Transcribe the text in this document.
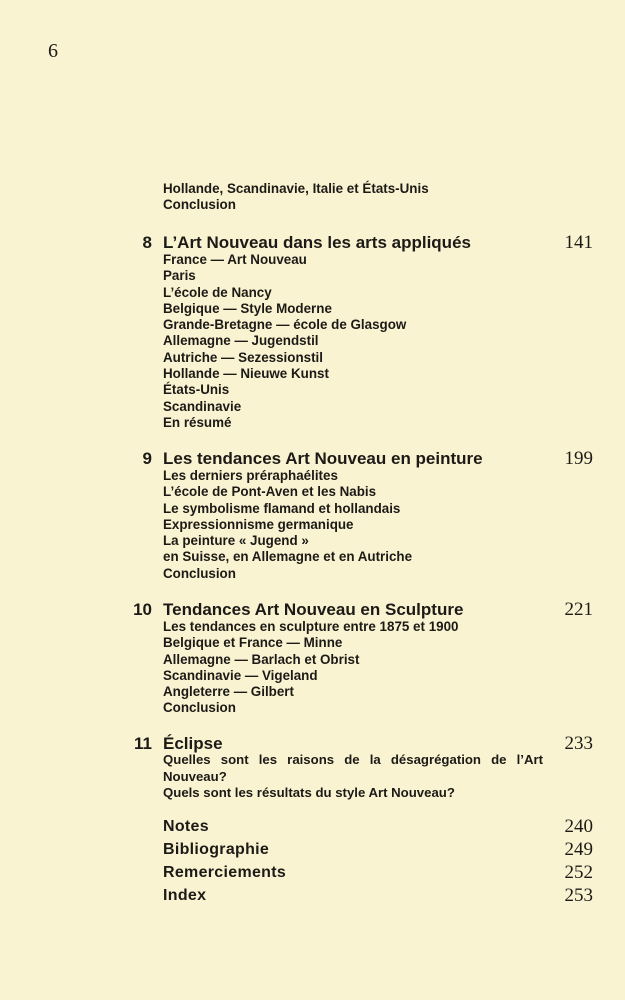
6
Hollande, Scandinavie, Italie et États-Unis
Conclusion
8 L’Art Nouveau dans les arts appliqués	141
France — Art Nouveau
Paris
L’école de Nancy
Belgique — Style Moderne
Grande-Bretagne — école de Glasgow
Allemagne — Jugendstil
Autriche — Sezessionstil
Hollande — Nieuwe Kunst
États-Unis
Scandinavie
En résumé
9 Les tendances Art Nouveau en peinture	199
Les derniers préraphaélites
L’école de Pont-Aven et les Nabis
Le symbolisme flamand et hollandais
Expressionnisme germanique
La peinture « Jugend »
en Suisse, en Allemagne et en Autriche
Conclusion
10 Tendances Art Nouveau en Sculpture	221
Les tendances en sculpture entre 1875 et 1900
Belgique et France — Minne
Allemagne — Barlach et Obrist
Scandinavie — Vigeland
Angleterre — Gilbert
Conclusion
11 Éclipse	233
Quelles sont les raisons de la désagrégation de l’Art Nouveau?
Quels sont les résultats du style Art Nouveau?
Notes	240
Bibliographie	249
Remerciements	252
Index	253
